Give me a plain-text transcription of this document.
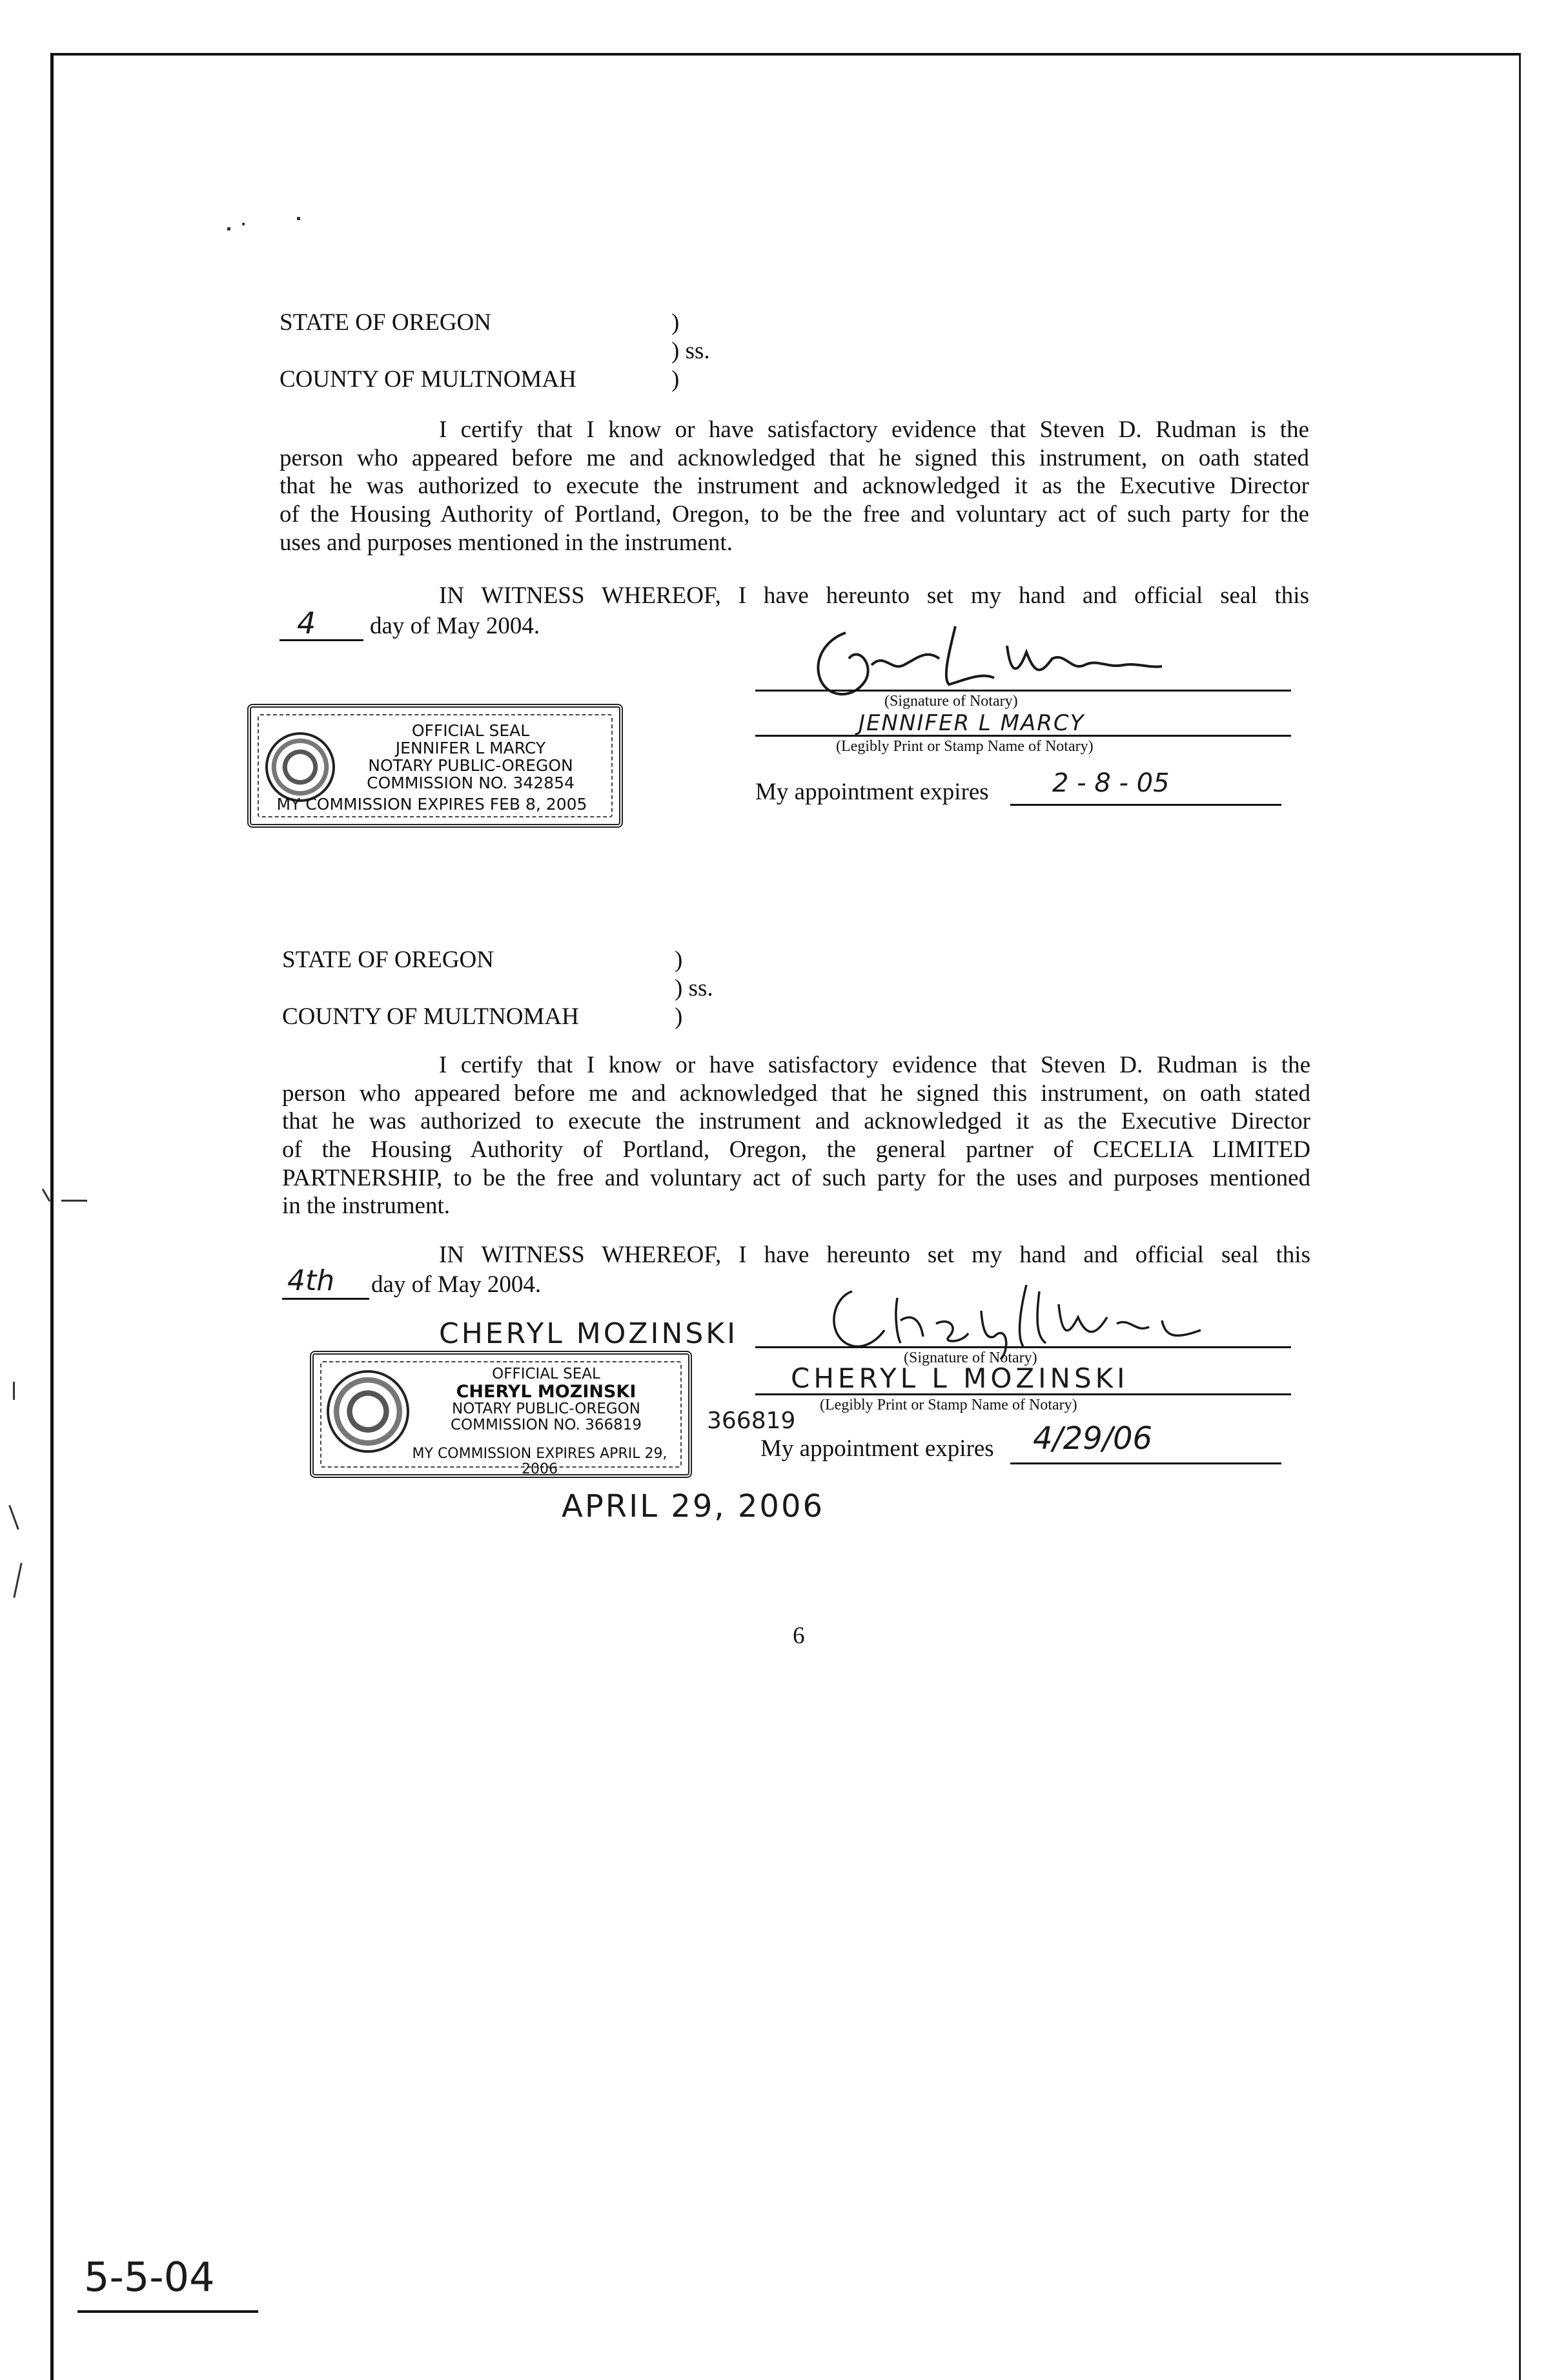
STATE OF OREGON	)
) ss.
COUNTY OF MULTNOMAH	)
I certify that I know or have satisfactory evidence that Steven D. Rudman is the
person who appeared before me and acknowledged that he signed this instrument, on oath stated
that he was authorized to execute the instrument and acknowledged it as the Executive Director
of the Housing Authority of Portland, Oregon, to be the free and voluntary act of such party for the
uses and purposes mentioned in the instrument.
IN WITNESS WHEREOF, I have hereunto set my hand and official seal this
4 day of May 2004.
(Signature of Notary)
JENNIFER L MARCY
(Legibly Print or Stamp Name of Notary)
My appointment expires 2 - 8 - 05
OFFICIAL SEAL
JENNIFER L MARCY
NOTARY PUBLIC-OREGON
COMMISSION NO. 342854
MY COMMISSION EXPIRES FEB 8, 2005
STATE OF OREGON	)
) ss.
COUNTY OF MULTNOMAH	)
I certify that I know or have satisfactory evidence that Steven D. Rudman is the
person who appeared before me and acknowledged that he signed this instrument, on oath stated
that he was authorized to execute the instrument and acknowledged it as the Executive Director
of the Housing Authority of Portland, Oregon, the general partner of CECELIA LIMITED
PARTNERSHIP, to be the free and voluntary act of such party for the uses and purposes mentioned
in the instrument.
IN WITNESS WHEREOF, I have hereunto set my hand and official seal this
4th day of May 2004.
CHERYL MOZINSKI
(Signature of Notary)
CHERYL L MOZINSKI
(Legibly Print or Stamp Name of Notary)
366819
My appointment expires 4/29/06
OFFICIAL SEAL
CHERYL MOZINSKI
NOTARY PUBLIC-OREGON
COMMISSION NO. 366819
MY COMMISSION EXPIRES APRIL 29, 2006
APRIL 29, 2006
6
5-5-04
